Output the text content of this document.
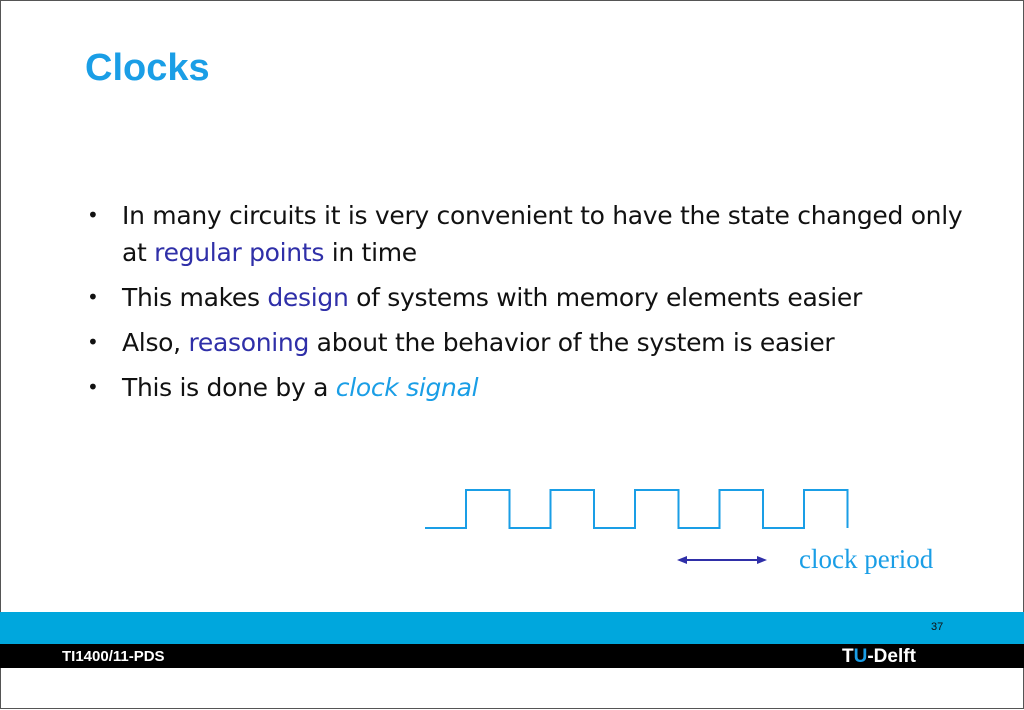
Clocks
• In many circuits it is very convenient to have the state changed only at regular points in time
• This makes design of systems with memory elements easier
• Also, reasoning about the behavior of the system is easier
• This is done by a clock signal
clock period
37
TI1400/11-PDS	TU-Delft
